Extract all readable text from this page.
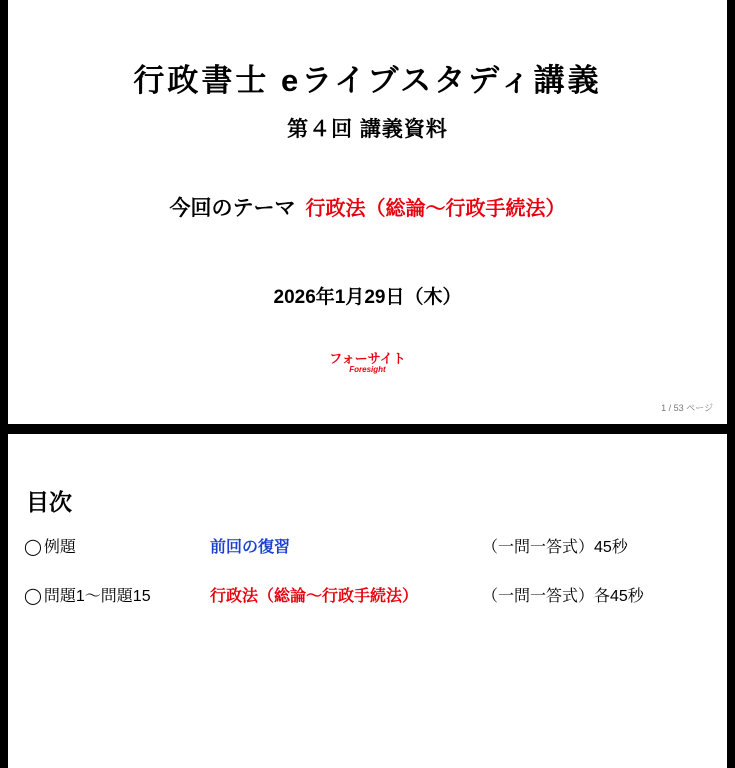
行政書士 eライブスタディ講義
第４回 講義資料
今回のテーマ 行政法（総論〜行政手続法）
2026年1月29日（木）
フォーサイト
Foresight
1 / 53 ページ
目次
◯ 例題	前回の復習	（一問一答式）45秒
◯ 問題1〜問題15	行政法（総論〜行政手続法）	（一問一答式）各45秒
